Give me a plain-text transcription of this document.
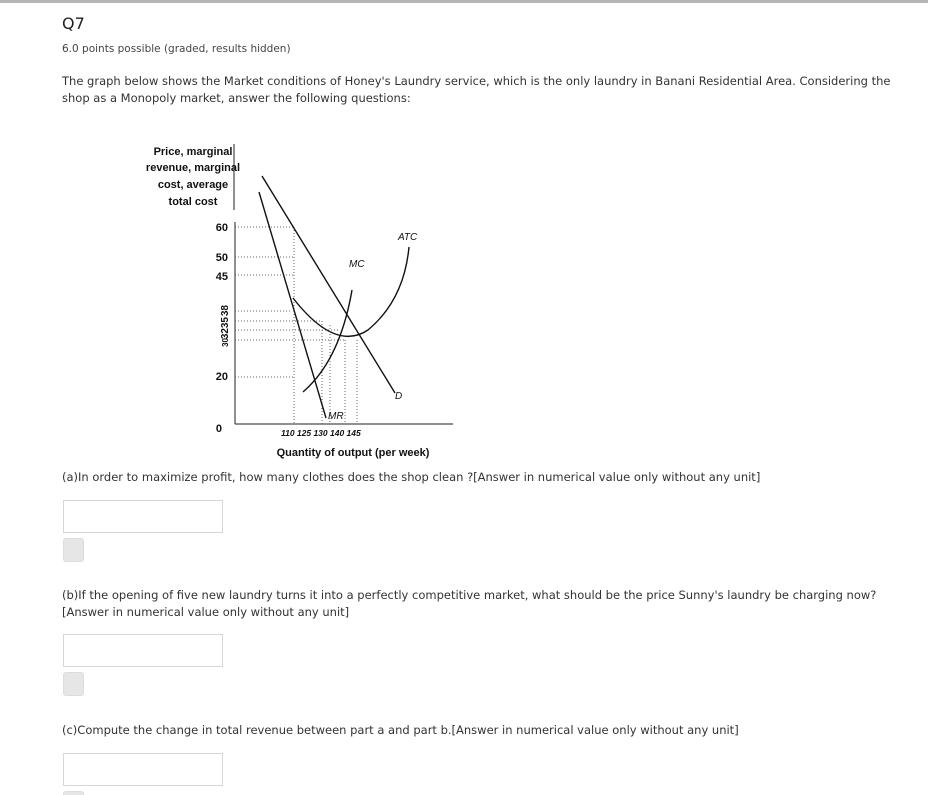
Q7
6.0 points possible (graded, results hidden)
The graph below shows the Market conditions of Honey's Laundry service, which is the only laundry in Banani Residential Area. Considering the shop as a Monopoly market, answer the following questions:
Price, marginal
revenue, marginal
cost, average
total cost
60
50
45
20
0
38
35
32
30
ATC
MC
D
MR
110 125 130 140 145
Quantity of output (per week)
(a)In order to maximize profit, how many clothes does the shop clean ?[Answer in numerical value only without any unit]
(b)If the opening of five new laundry turns it into a perfectly competitive market, what should be the price Sunny's laundry be charging now?[Answer in numerical value only without any unit]
(c)Compute the change in total revenue between part a and part b.[Answer in numerical value only without any unit]
